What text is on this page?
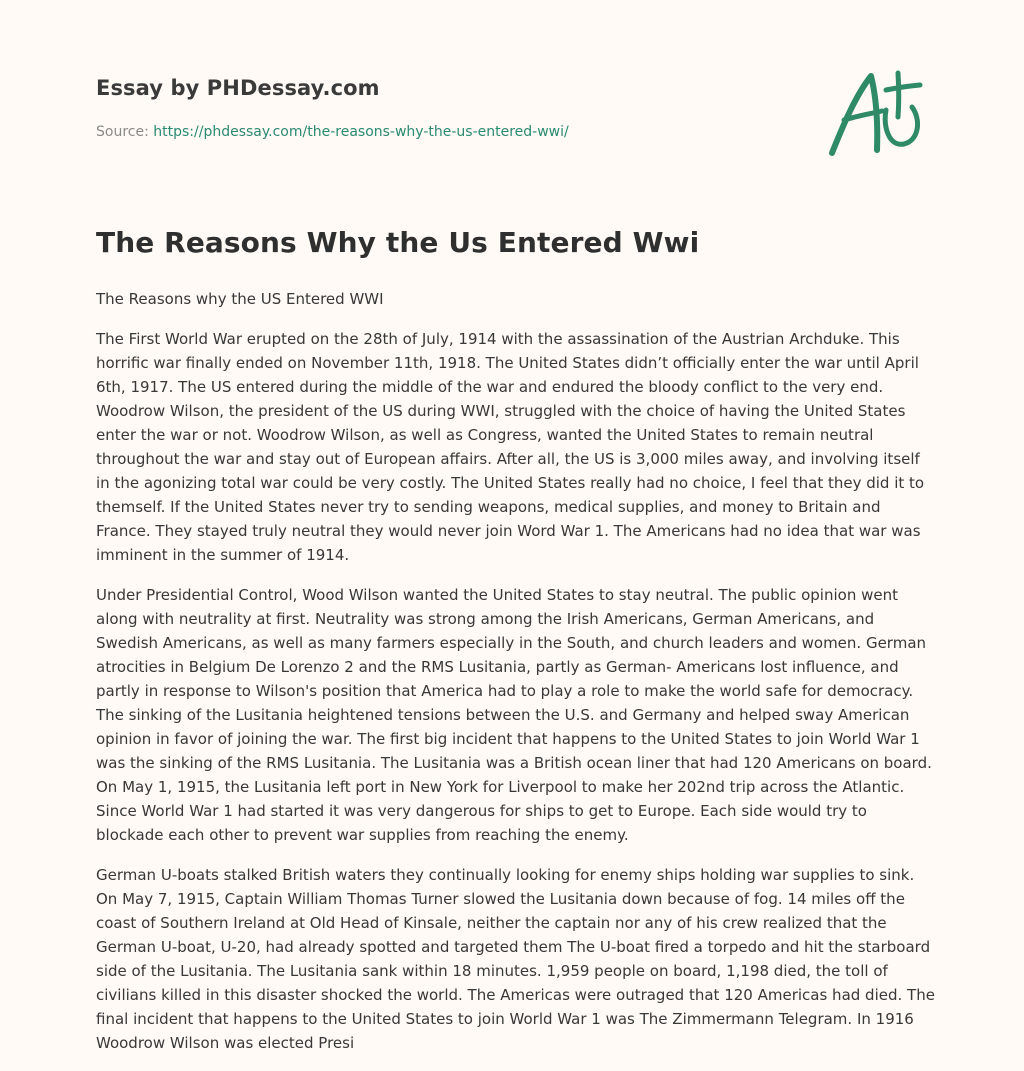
Essay by PHDessay.com
Source: https://phdessay.com/the-reasons-why-the-us-entered-wwi/
The Reasons Why the Us Entered Wwi
The Reasons why the US Entered WWI

The First World War erupted on the 28th of July, 1914 with the assassination of the Austrian Archduke. This horrific war finally ended on November 11th, 1918. The United States didn’t officially enter the war until April 6th, 1917. The US entered during the middle of the war and endured the bloody conflict to the very end. Woodrow Wilson, the president of the US during WWI, struggled with the choice of having the United States enter the war or not. Woodrow Wilson, as well as Congress, wanted the United States to remain neutral throughout the war and stay out of European affairs. After all, the US is 3,000 miles away, and involving itself in the agonizing total war could be very costly. The United States really had no choice, I feel that they did it to themself. If the United States never try to sending weapons, medical supplies, and money to Britain and France. They stayed truly neutral they would never join Word War 1. The Americans had no idea that war was imminent in the summer of 1914.

Under Presidential Control, Wood Wilson wanted the United States to stay neutral. The public opinion went along with neutrality at first. Neutrality was strong among the Irish Americans, German Americans, and Swedish Americans, as well as many farmers especially in the South, and church leaders and women. German atrocities in Belgium De Lorenzo 2 and the RMS Lusitania, partly as German- Americans lost influence, and partly in response to Wilson's position that America had to play a role to make the world safe for democracy. The sinking of the Lusitania heightened tensions between the U.S. and Germany and helped sway American opinion in favor of joining the war. The first big incident that happens to the United States to join World War 1 was the sinking of the RMS Lusitania. The Lusitania was a British ocean liner that had 120 Americans on board. On May 1, 1915, the Lusitania left port in New York for Liverpool to make her 202nd trip across the Atlantic. Since World War 1 had started it was very dangerous for ships to get to Europe. Each side would try to blockade each other to prevent war supplies from reaching the enemy.

German U-boats stalked British waters they continually looking for enemy ships holding war supplies to sink. On May 7, 1915, Captain William Thomas Turner slowed the Lusitania down because of fog. 14 miles off the coast of Southern Ireland at Old Head of Kinsale, neither the captain nor any of his crew realized that the German U-boat, U-20, had already spotted and targeted them The U-boat fired a torpedo and hit the starboard side of the Lusitania. The Lusitania sank within 18 minutes. 1,959 people on board, 1,198 died, the toll of civilians killed in this disaster shocked the world. The Americas were outraged that 120 Americas had died. The final incident that happens to the United States to join World War 1 was The Zimmermann Telegram. In 1916 Woodrow Wilson was elected Presi
